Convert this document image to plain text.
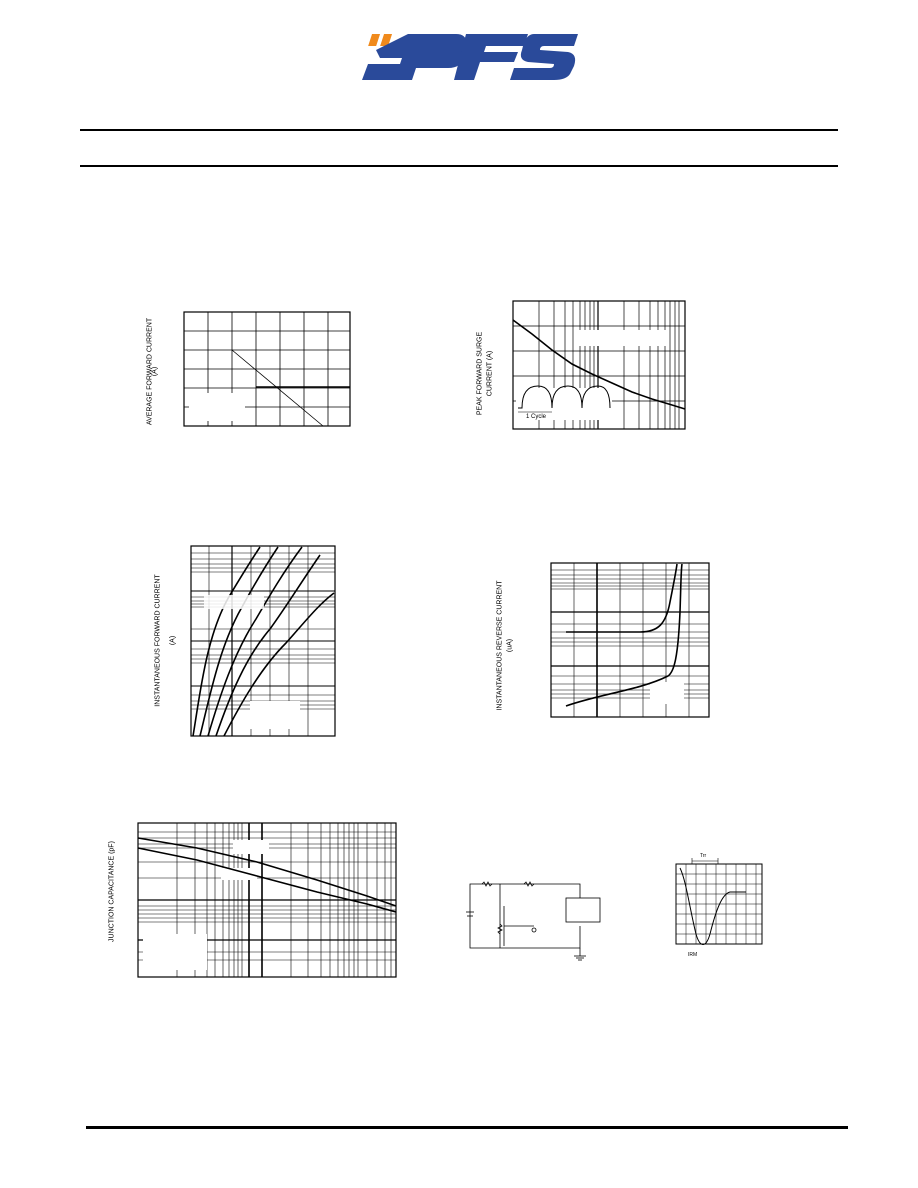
AVERAGE FORWARD CURRENT
(A)	PEAK FORWARD SURGE CURRENT (A)
1 Cycle
INSTANTANEOUS FORWARD CURRENT (A)	INSTANTANEOUS REVERSE CURRENT (uA)
JUNCTION CAPACITANCE (pF)	Trr
IRM
